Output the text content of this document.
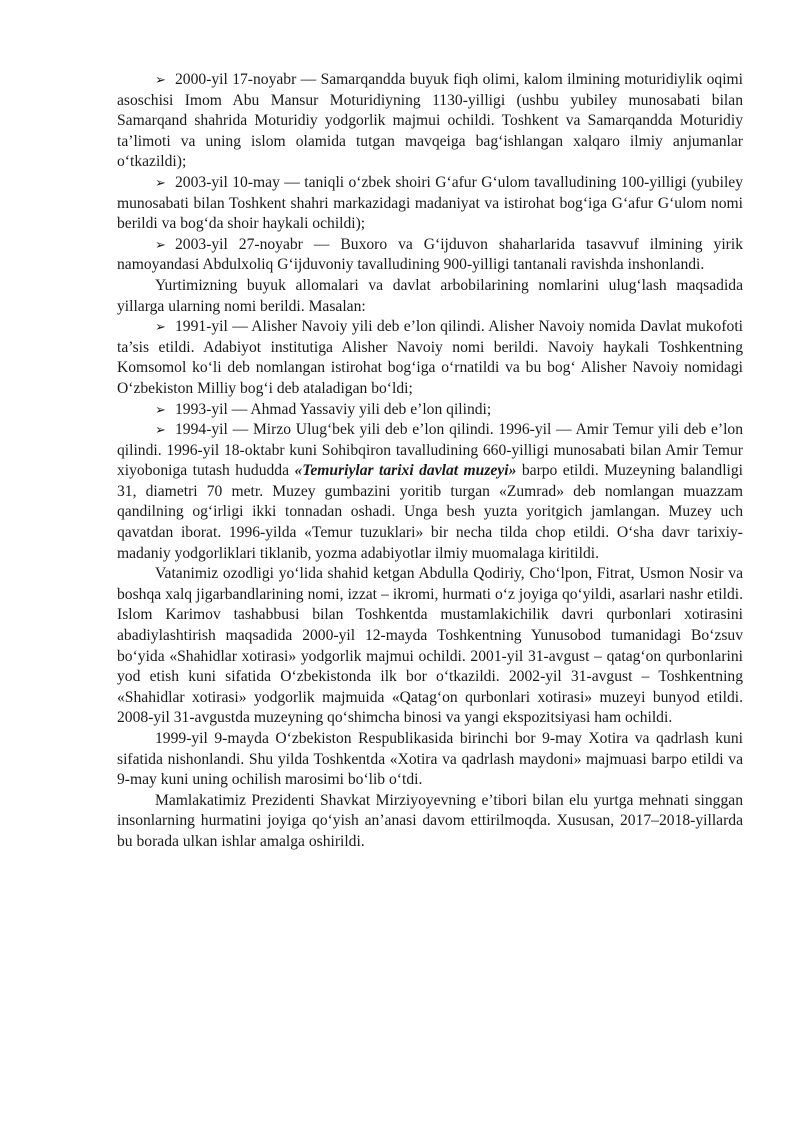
➢ 2000-yil 17-noyabr — Samarqandda buyuk fiqh olimi, kalom ilmining moturidiylik oqimi asoschisi Imom Abu Mansur Moturidiyning 1130-yilligi (ushbu yubiley munosabati bilan Samarqand shahrida Moturidiy yodgorlik majmui ochildi. Toshkent va Samarqandda Moturidiy ta’limoti va uning islom olamida tutgan mavqeiga bag‘ishlangan xalqaro ilmiy anjumanlar o‘tkazildi);

➢ 2003-yil 10-may — taniqli o‘zbek shoiri G‘afur G‘ulom tavalludining 100-yilligi (yubiley munosabati bilan Toshkent shahri markazidagi madaniyat va istirohat bog‘iga G‘afur G‘ulom nomi berildi va bog‘da shoir haykali ochildi);

➢ 2003-yil 27-noyabr — Buxoro va G‘ijduvon shaharlarida tasavvuf ilmining yirik namoyandasi Abdulxoliq G‘ijduvoniy tavalludining 900-yilligi tantanali ravishda inshonlandi.

Yurtimizning buyuk allomalari va davlat arbobilarining nomlarini ulug‘lash maqsadida yillarga ularning nomi berildi. Masalan:

➢ 1991-yil — Alisher Navoiy yili deb e’lon qilindi. Alisher Navoiy nomida Davlat mukofoti ta’sis etildi. Adabiyot institutiga Alisher Navoiy nomi berildi. Navoiy haykali Toshkentning Komsomol ko‘li deb nomlangan istirohat bog‘iga o‘rnatildi va bu bog‘ Alisher Navoiy nomidagi O‘zbekiston Milliy bog‘i deb ataladigan bo‘ldi;

➢ 1993-yil — Ahmad Yassaviy yili deb e’lon qilindi;

➢ 1994-yil — Mirzo Ulug‘bek yili deb e’lon qilindi. 1996-yil — Amir Temur yili deb e’lon qilindi. 1996-yil 18-oktabr kuni Sohibqiron tavalludining 660-yilligi munosabati bilan Amir Temur xiyoboniga tutash hududda «Temuriylar tarixi davlat muzeyi» barpo etildi. Muzeyning balandligi 31, diametri 70 metr. Muzey gumbazini yoritib turgan «Zumrad» deb nomlangan muazzam qandilning og‘irligi ikki tonnadan oshadi. Unga besh yuzta yoritgich jamlangan. Muzey uch qavatdan iborat. 1996-yilda «Temur tuzuklari» bir necha tilda chop etildi. O‘sha davr tarixiy-madaniy yodgorliklari tiklanib, yozma adabiyotlar ilmiy muomalaga kiritildi.

Vatanimiz ozodligi yo‘lida shahid ketgan Abdulla Qodiriy, Cho‘lpon, Fitrat, Usmon Nosir va boshqa xalq jigarbandlarining nomi, izzat – ikromi, hurmati o‘z joyiga qo‘yildi, asarlari nashr etildi. Islom Karimov tashabbusi bilan Toshkentda mustamlakichilik davri qurbonlari xotirasini abadiylashtirish maqsadida 2000-yil 12-mayda Toshkentning Yunusobod tumanidagi Bo‘zsuv bo‘yida «Shahidlar xotirasi» yodgorlik majmui ochildi. 2001-yil 31-avgust – qatag‘on qurbonlarini yod etish kuni sifatida O‘zbekistonda ilk bor o‘tkazildi. 2002-yil 31-avgust – Toshkentning «Shahidlar xotirasi» yodgorlik majmuida «Qatag‘on qurbonlari xotirasi» muzeyi bunyod etildi. 2008-yil 31-avgustda muzeyning qo‘shimcha binosi va yangi ekspozitsiyasi ham ochildi.

1999-yil 9-mayda O‘zbekiston Respublikasida birinchi bor 9-may Xotira va qadrlash kuni sifatida nishonlandi. Shu yilda Toshkentda «Xotira va qadrlash maydoni» majmuasi barpo etildi va 9-may kuni uning ochilish marosimi bo‘lib o‘tdi.

Mamlakatimiz Prezidenti Shavkat Mirziyoyevning e’tibori bilan elu yurtga mehnati singgan insonlarning hurmatini joyiga qo‘yish an’anasi davom ettirilmoqda. Xususan, 2017–2018-yillarda bu borada ulkan ishlar amalga oshirildi.
